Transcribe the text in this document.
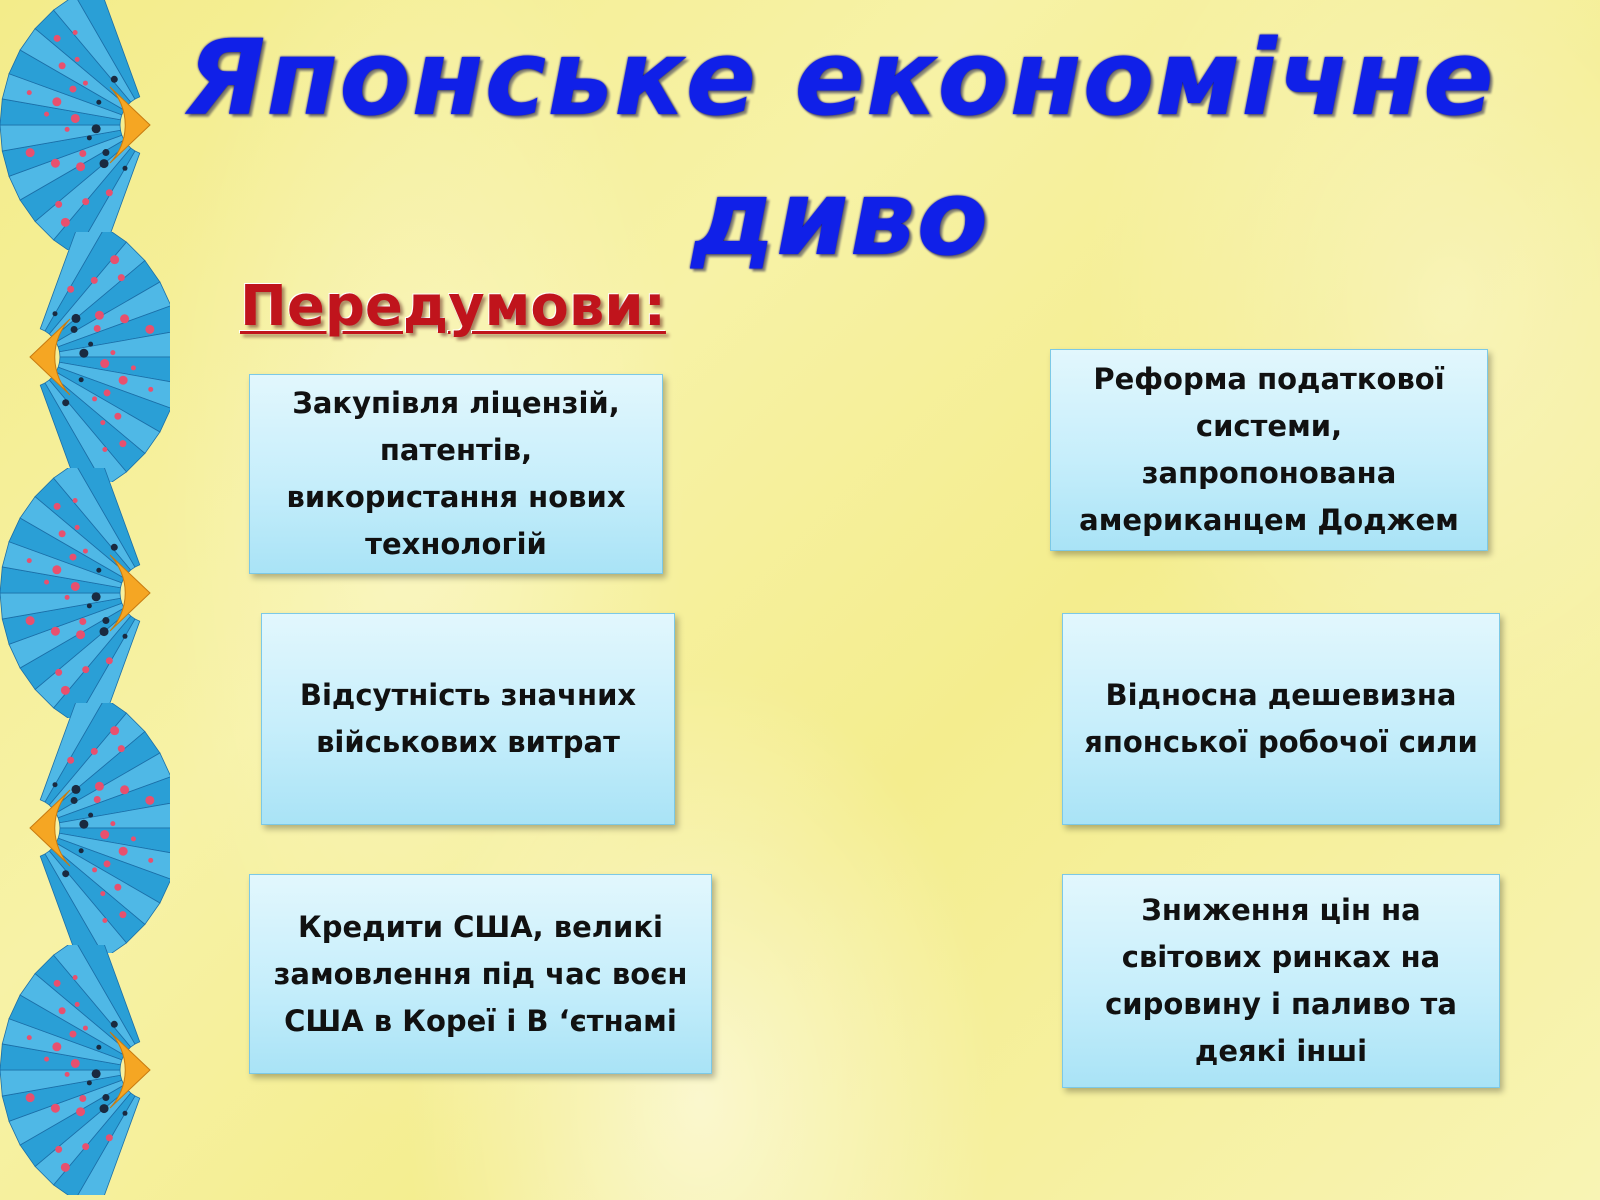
Японське економічне
диво
Передумови:
Закупівля ліцензій, патентів, використання нових технологій
Відсутність значних військових витрат
Кредити США, великі замовлення під час воєн США в Кореї і В ‘єтнамі
Реформа податкової системи, запропонована американцем Доджем
Відносна дешевизна японської робочої сили
Зниження цін на світових ринках на сировину і паливо та деякі інші
